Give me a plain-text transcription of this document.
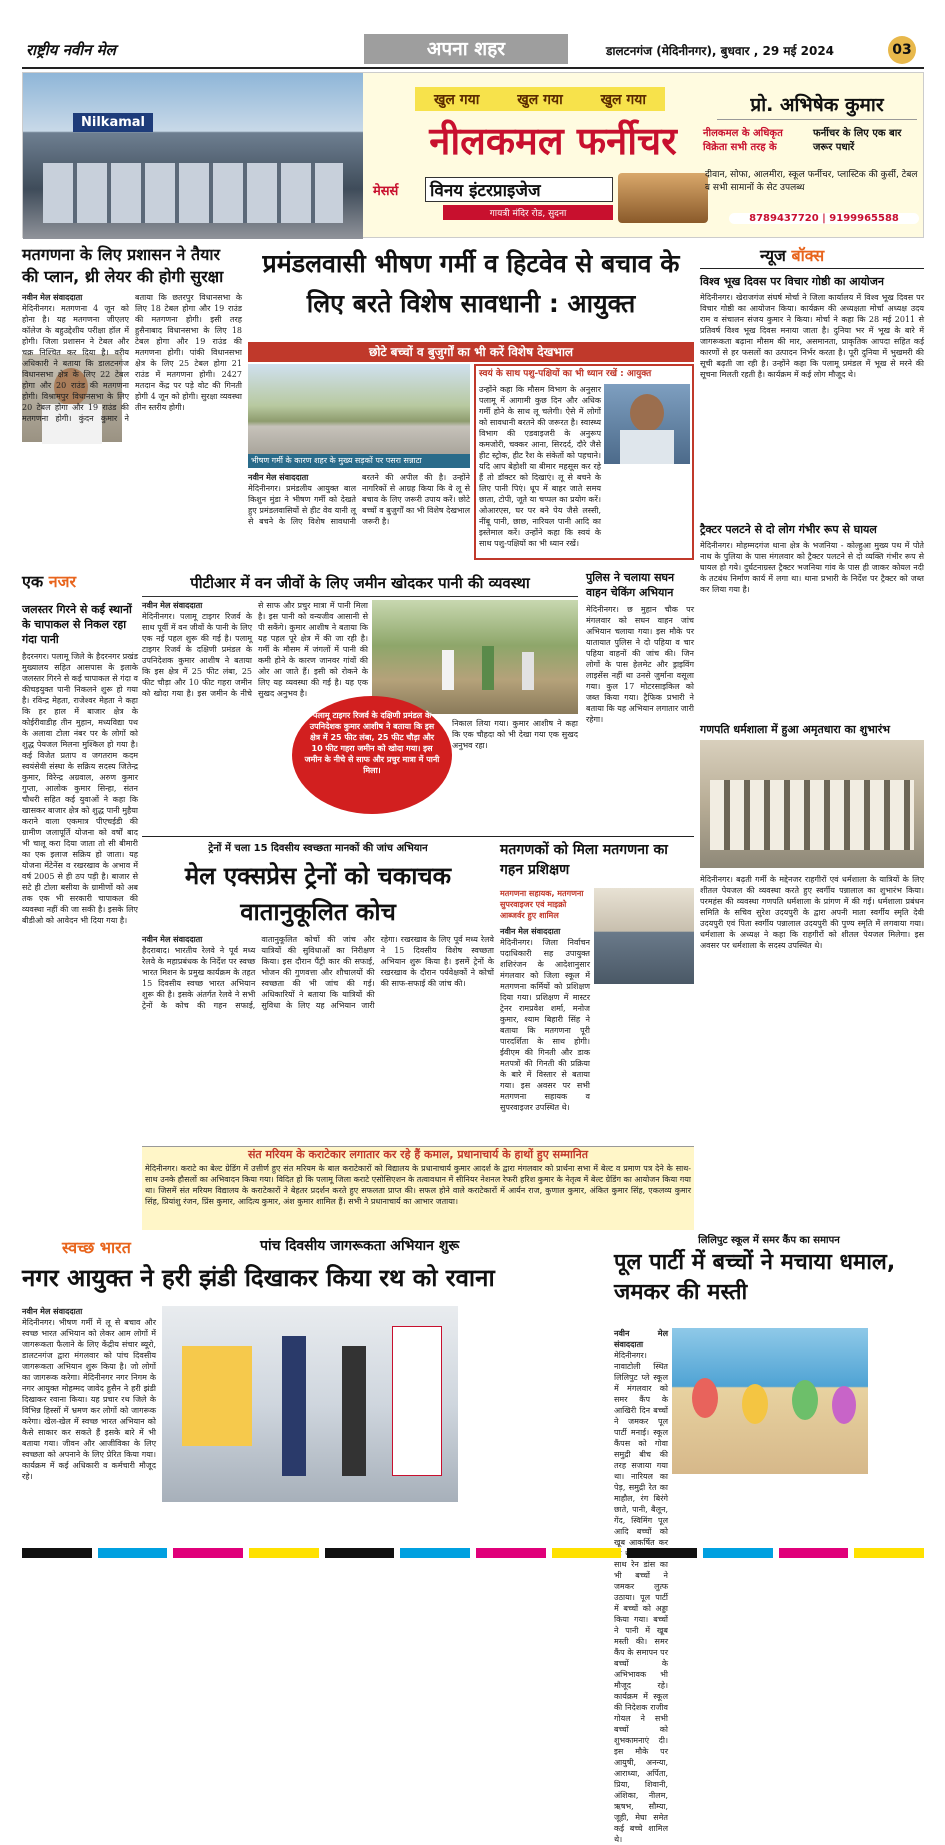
राष्ट्रीय नवीन मेल	अपना शहर	डालटनगंज (मेदिनीनगर), बुधवार , 29 मई 2024	03
Nilkamal
खुल गया	खुल गया	खुल गया
नीलकमल फर्नीचर
मेसर्स विनय इंटरप्राइजेज
गायत्री मंदिर रोड, सुदना
प्रो. अभिषेक कुमार
नीलकमल के अधिकृत विक्रेता सभी तरह के
फर्नीचर के लिए एक बार जरूर पधारें
दीवान, सोफा, आलमीरा, स्कूल फर्नीचर, प्लास्टिक की कुर्सी, टेबल व सभी सामानों के सेट उपलब्ध
8789437720 | 9199965588
मतगणना के लिए प्रशासन ने तैयार की प्लान, थ्री लेयर की होगी सुरक्षा
नवीन मेल संवाददाता
मेदिनीनगर। मतगणना 4 जून को होना है। यह मतगणना जीएलए कॉलेज के बहुउद्देशीय परीक्षा हॉल में होगी। जिला प्रशासन ने टेबल और चक्र निश्चित कर दिया है। वरीय अधिकारी ने बताया कि डालटनगंज विधानसभा क्षेत्र के लिए 22 टेबल होगा और 20 राउंड की मतगणना होगी। विश्रामपुर विधानसभा के लिए 20 टेबल होगा और 19 राउंड की मतगणना होगी। कुंदन कुमार ने बताया कि छतरपुर विधानसभा के लिए 18 टेबल होगा और 19 राउंड की मतगणना होगी। इसी तरह हुसैनाबाद विधानसभा के लिए 18 टेबल होगा और 19 राउंड की मतगणना होगी। पांकी विधानसभा क्षेत्र के लिए 25 टेबल होगा 21 राउंड में मतगणना होगी। 2427 मतदान केंद्र पर पड़े वोट की गिनती होगी 4 जून को होगी। सुरक्षा व्यवस्था तीन स्तरीय होगी।
प्रमंडलवासी भीषण गर्मी व हिटवेव से बचाव के लिए बरते विशेष सावधानी : आयुक्त
छोटे बच्चों व बुजुर्गों का भी करें विशेष देखभाल
भीषण गर्मी के कारण शहर के मुख्य सड़कों पर पसरा सन्नाटा
स्वयं के साथ पशु-पक्षियों का भी ध्यान रखें : आयुक्त
उन्होंने कहा कि मौसम विभाग के अनुसार पलामू में आगामी कुछ दिन और अधिक गर्मी होने के साथ लू चलेगी। ऐसे में लोगों को सावधानी बरतने की जरूरत है। स्वास्थ्य विभाग की एडवाइजरी के अनुरूप कमजोरी, चक्कर आना, सिरदर्द, दौरे जैसे हीट स्ट्रोक, हीट रैश के संकेतों को पहचाने। यदि आप बेहोशी या बीमार महसूस कर रहे हैं तो डॉक्टर को दिखाएं। लू से बचने के लिए पानी पिएं। धूप में बाहर जाते समय छाता, टोपी, जूते या चप्पल का प्रयोग करें। ओआरएस, घर पर बने पेय जैसे लस्सी, नींबू पानी, छाछ, नारियल पानी आदि का इस्तेमाल करें। उन्होंने कहा कि स्वयं के साथ पशु-पक्षियों का भी ध्यान रखें।
नवीन मेल संवाददाता
मेदिनीनगर। प्रमंडलीय आयुक्त बाल किशुन मुंडा ने भीषण गर्मी को देखते हुए प्रमंडलवासियों से हीट वेव यानी लू से बचने के लिए विशेष सावधानी बरतने की अपील की है। उन्होंने नागरिकों से आग्रह किया कि वे लू से बचाव के लिए जरूरी उपाय करें। छोटे बच्चों व बुजुर्गों का भी विशेष देखभाल जरूरी है।
न्यूज बॉक्स
विश्व भूख दिवस पर विचार गोष्ठी का आयोजन
मेदिनीनगर। खेराजगंज संघर्ष मोर्चा ने जिला कार्यालय में विश्व भूख दिवस पर विचार गोष्ठी का आयोजन किया। कार्यक्रम की अध्यक्षता मोर्चा अध्यक्ष उदय राम व संचालन संजय कुमार ने किया। मोर्चा ने कहा कि 28 मई 2011 से प्रतिवर्ष विश्व भूख दिवस मनाया जाता है। दुनिया भर में भूख के बारे में जागरूकता बढ़ाना मौसम की मार, असमानता, प्राकृतिक आपदा सहित कई कारणों से हर फसलों का उत्पादन निर्भर करता है। पूरी दुनिया में भुखमरी की सूची बढ़ती जा रही है। उन्होंने कहा कि पलामू प्रमंडल में भूख से मरने की सूचना मिलती रहती है। कार्यक्रम में कई लोग मौजूद थे।
ट्रैक्टर पलटने से दो लोग गंभीर रूप से घायल
मेदिनीनगर। मोहम्मदगंज थाना क्षेत्र के भजनिया - कोल्हुआ मुख्य पथ में पोते नाथ के पुलिया के पास मंगलवार को ट्रैक्टर पलटने से दो व्यक्ति गंभीर रूप से घायल हो गये। दुर्घटनाग्रस्त ट्रैक्टर भजनिया गांव के पास ही जाकर कोयल नदी के तटबंध निर्माण कार्य में लगा था। थाना प्रभारी के निर्देश पर ट्रैक्टर को जब्त कर लिया गया है।
गणपति धर्मशाला में हुआ अमृतधारा का शुभारंभ
मेदिनीनगर। बढ़ती गर्मी के मद्देनजर राहगीरों एवं धर्मशाला के यात्रियों के लिए शीतल पेयजल की व्यवस्था करते हुए स्वर्गीय पन्नालाल का शुभारंभ किया। परमहंस की व्यवस्था गणपति धर्मशाला के प्रांगण में की गई। धर्मशाला प्रबंधन समिति के सचिव सुरेश उदयपुरी के द्वारा अपनी माता स्वर्गीय स्मृति देवी उदयपुरी एवं पिता स्वर्गीय पन्नालाल उदयपुरी की पुण्य स्मृति में लगवाया गया। धर्मशाला के अध्यक्ष ने कहा कि राहगीरों को शीतल पेयजल मिलेगा। इस अवसर पर धर्मशाला के सदस्य उपस्थित थे।
एक नजर
जलस्तर गिरने से कई स्थानों के चापाकल से निकल रहा गंदा पानी
हैदरनगर। पलामू जिले के हैदरनगर प्रखंड मुख्यालय सहित आसपास के इलाके जलस्तर गिरने से कई चापाकल से गंदा व कीचड़युक्त पानी निकलने शुरू हो गया है। रविन्द्र मेहता, राजेश्वर मेहता ने कहा कि हर हाल में बाजार क्षेत्र के कोईरीवाडीह तीन मुहान, मध्यविद्या पथ के अलावा टोला नंबर पर के लोगों को शुद्ध पेयजल मिलना मुश्किल हो गया है। कई विजेत प्रताप व जगतराम कदम स्वयंसेवी संस्था के सक्रिय सदस्य जितेन्द्र कुमार, विरेन्द्र अग्रवाल, अरुण कुमार गुप्ता, आलोक कुमार सिन्हा, संतन चौधरी सहित कई युवाओं ने कहा कि खासकर बाजार क्षेत्र को शुद्ध पानी मुहैया कराने वाला एकमात्र पीएचईडी की ग्रामीण जलापूर्ति योजना को वर्षों बाद भी चालू करा दिया जाता तो सी बीमारी का एक इलाज सक्रिय हो जाता। यह योजना मेंटेनेंस व रखरखाव के अभाव में वर्ष 2005 से ही ठप पड़ी है। बाजार से सटे ही टोला बसीया के ग्रामीणों को अब तक एक भी सरकारी चापाकल की व्यवस्था नहीं की जा सकी है। इसके लिए बीडीओ को आवेदन भी दिया गया है।
पीटीआर में वन जीवों के लिए जमीन खोदकर पानी की व्यवस्था
नवीन मेल संवाददाता
मेदिनीनगर। पलामू टाइगर रिजर्व के साथ पूर्वी में वन जीवों के पानी के लिए एक नई पहल शुरू की गई है। पलामू टाइगर रिजर्व के दक्षिणी प्रमंडल के उपनिदेशक कुमार आशीष ने बताया कि इस क्षेत्र में 25 फीट लंबा, 25 फीट चौड़ा और 10 फीट गहरा जमीन को खोदा गया है। इस जमीन के नीचे से साफ और प्रचुर मात्रा में पानी मिला है। इस पानी को वन्यजीव आसानी से पी सकेंगे। कुमार आशीष ने बताया कि यह पहल पूरे क्षेत्र में की जा रही है। गर्मी के मौसम में जंगलों में पानी की कमी होने के कारण जानवर गांवों की ओर आ जाते हैं। इसी को रोकने के लिए यह व्यवस्था की गई है। यह एक सुखद अनुभव है।
निकाल लिया गया। कुमार आशीष ने कहा कि एक चौहदा को भी देखा गया एक सुखद अनुभव रहा।
पलामू टाइगर रिजर्व के दक्षिणी प्रमंडल के उपनिदेशक कुमार आशीष ने बताया कि इस क्षेत्र में 25 फीट लंबा, 25 फीट चौड़ा और 10 फीट गहरा जमीन को खोदा गया। इस जमीन के नीचे से साफ और प्रचुर मात्रा में पानी मिला।
पुलिस ने चलाया सघन वाहन चेकिंग अभियान
मेदिनीनगर। छ मुहान चौक पर मंगलवार को सघन वाहन जांच अभियान चलाया गया। इस मौके पर यातायात पुलिस ने दो पहिया व चार पहिया वाहनों की जांच की। जिन लोगों के पास हेलमेट और ड्राइविंग लाइसेंस नहीं था उनसे जुर्माना वसूला गया। कुल 17 मोटरसाइकिल को जब्त किया गया। ट्रैफिक प्रभारी ने बताया कि यह अभियान लगातार जारी रहेगा।
ट्रेनों में चला 15 दिवसीय स्वच्छता मानकों की जांच अभियान
मेल एक्सप्रेस ट्रेनों को चकाचक वातानुकूलित कोच
नवीन मेल संवाददाता
हैदराबाद। भारतीय रेलवे ने पूर्व मध्य रेलवे के महाप्रबंधक के निर्देश पर स्वच्छ भारत मिशन के प्रमुख कार्यक्रम के तहत 15 दिवसीय स्वच्छ भारत अभियान शुरू की है। इसके अंतर्गत रेलवे ने सभी ट्रेनों के कोच की गहन सफाई, वातानुकूलित कोचों की जांच और यात्रियों की सुविधाओं का निरीक्षण किया। इस दौरान पैंट्री कार की सफाई, भोजन की गुणवत्ता और शौचालयों की स्वच्छता की भी जांच की गई। अधिकारियों ने बताया कि यात्रियों की सुविधा के लिए यह अभियान जारी रहेगा। रखरखाव के लिए पूर्व मध्य रेलवे ने 15 दिवसीय विशेष स्वच्छता अभियान शुरू किया है। इसमें ट्रेनों के रखरखाव के दौरान पर्यवेक्षकों ने कोचों की साफ-सफाई की जांच की।
मतगणकों को मिला मतगणना का गहन प्रशिक्षण
मतगणना सहायक, मतगणना सुपरवाइजर एवं माइक्रो आब्जर्वर हुए शामिल
नवीन मेल संवाददाता
मेदिनीनगर। जिला निर्वाचन पदाधिकारी सह उपायुक्त शशिरंजन के आदेशानुसार मंगलवार को जिला स्कूल में मतगणना कर्मियों को प्रशिक्षण दिया गया। प्रशिक्षण में मास्टर ट्रेनर रामप्रवेश शर्मा, मनोज कुमार, श्याम बिहारी सिंह ने बताया कि मतगणना पूरी पारदर्शिता के साथ होगी। ईवीएम की गिनती और डाक मतपत्रों की गिनती की प्रक्रिया के बारे में विस्तार से बताया गया। इस अवसर पर सभी मतगणना सहायक व सुपरवाइजर उपस्थित थे।
संत मरियम के कराटेकार लगातार कर रहे हैं कमाल, प्रधानाचार्य के हाथों हुए सम्मानित
मेदिनीनगर। कराटे का बेल्ट ग्रेडिंग में उत्तीर्ण हुए संत मरियम के बाल कराटेकारों को विद्यालय के प्रधानाचार्य कुमार आदर्श के द्वारा मंगलवार को प्रार्थना सभा में बेल्ट व प्रमाण पत्र देने के साथ-साथ उनके हौसलों का अभिवादन किया गया। विदित हो कि पलामू जिला कराटे एसोसिएशन के तत्वावधान में सीनियर नेशनल रेफरी हरिश कुमार के नेतृत्व में बेल्ट ग्रेडिंग का आयोजन किया गया था। जिसमें संत मरियम विद्यालय के कराटेकारों ने बेहतर प्रदर्शन करते हुए सफलता प्राप्त की। सफल होने वाले कराटेकारों में आर्यन राज, कुणाल कुमार, अंकित कुमार सिंह, एकलव्य कुमार सिंह, प्रियांशु रंजन, प्रिंस कुमार, आदित्य कुमार, अंश कुमार शामिल हैं। सभी ने प्रधानाचार्य का आभार जताया।
स्वच्छ भारत	पांच दिवसीय जागरूकता अभियान शुरू
नगर आयुक्त ने हरी झंडी दिखाकर किया रथ को रवाना
नवीन मेल संवाददाता
मेदिनीनगर। भीषण गर्मी में लू से बचाव और स्वच्छ भारत अभियान को लेकर आम लोगों में जागरूकता फैलाने के लिए केंद्रीय संचार ब्यूरो, डालटनगंज द्वारा मंगलवार को पांच दिवसीय जागरूकता अभियान शुरू किया है। जो लोगों का जागरूक करेगा। मेदिनीनगर नगर निगम के नगर आयुक्त मोहम्मद जावेद हुसैन ने हरी झंडी दिखाकर रवाना किया। यह प्रचार रथ जिले के विभिन्न हिस्सों में भ्रमण कर लोगों को जागरूक करेगा। खेल-खेल में स्वच्छ भारत अभियान को कैसे साकार कर सकते हैं इसके बारे में भी बताया गया। जीवन और आजीविका के लिए स्वच्छता को अपनाने के लिए प्रेरित किया गया। कार्यक्रम में कई अधिकारी व कर्मचारी मौजूद रहे।
लिलिपुट स्कूल में समर कैंप का समापन
पूल पार्टी में बच्चों ने मचाया धमाल, जमकर की मस्ती
नवीन मेल संवाददाता
मेदिनीनगर। नावाटोली स्थित लिलिपुट प्ले स्कूल में मंगलवार को समर कैंप के आखिरी दिन बच्चों ने जमकर पूल पार्टी मनाई। स्कूल कैंपस को गोवा समुद्री बीच की तरह सजाया गया था। नारियल का पेड़, समुद्री रेत का माहौल, रंग बिरंगे छाते, पानी, बैलून, गेंद, स्विमिंग पूल आदि बच्चों को खूब आकर्षित कर साथ रेन डांस का भी बच्चों ने जमकर लुत्फ उठाया। पूल पार्टी में बच्चों को अड्डा किया गया। बच्चों ने पानी में खूब मस्ती की। समर कैंप के समापन पर बच्चों के अभिभावक भी मौजूद रहे। कार्यक्रम में स्कूल की निदेशक राजीव गोयल ने सभी बच्चों को शुभकामनाएं दी। इस मौके पर आयुषी, अनन्या, आराध्या, अर्पिता, प्रिया, शिवानी, अंशिका, नीलम, ऋषभ, सौम्या, जूही, मेघा समेत कई बच्चे शामिल थे।
